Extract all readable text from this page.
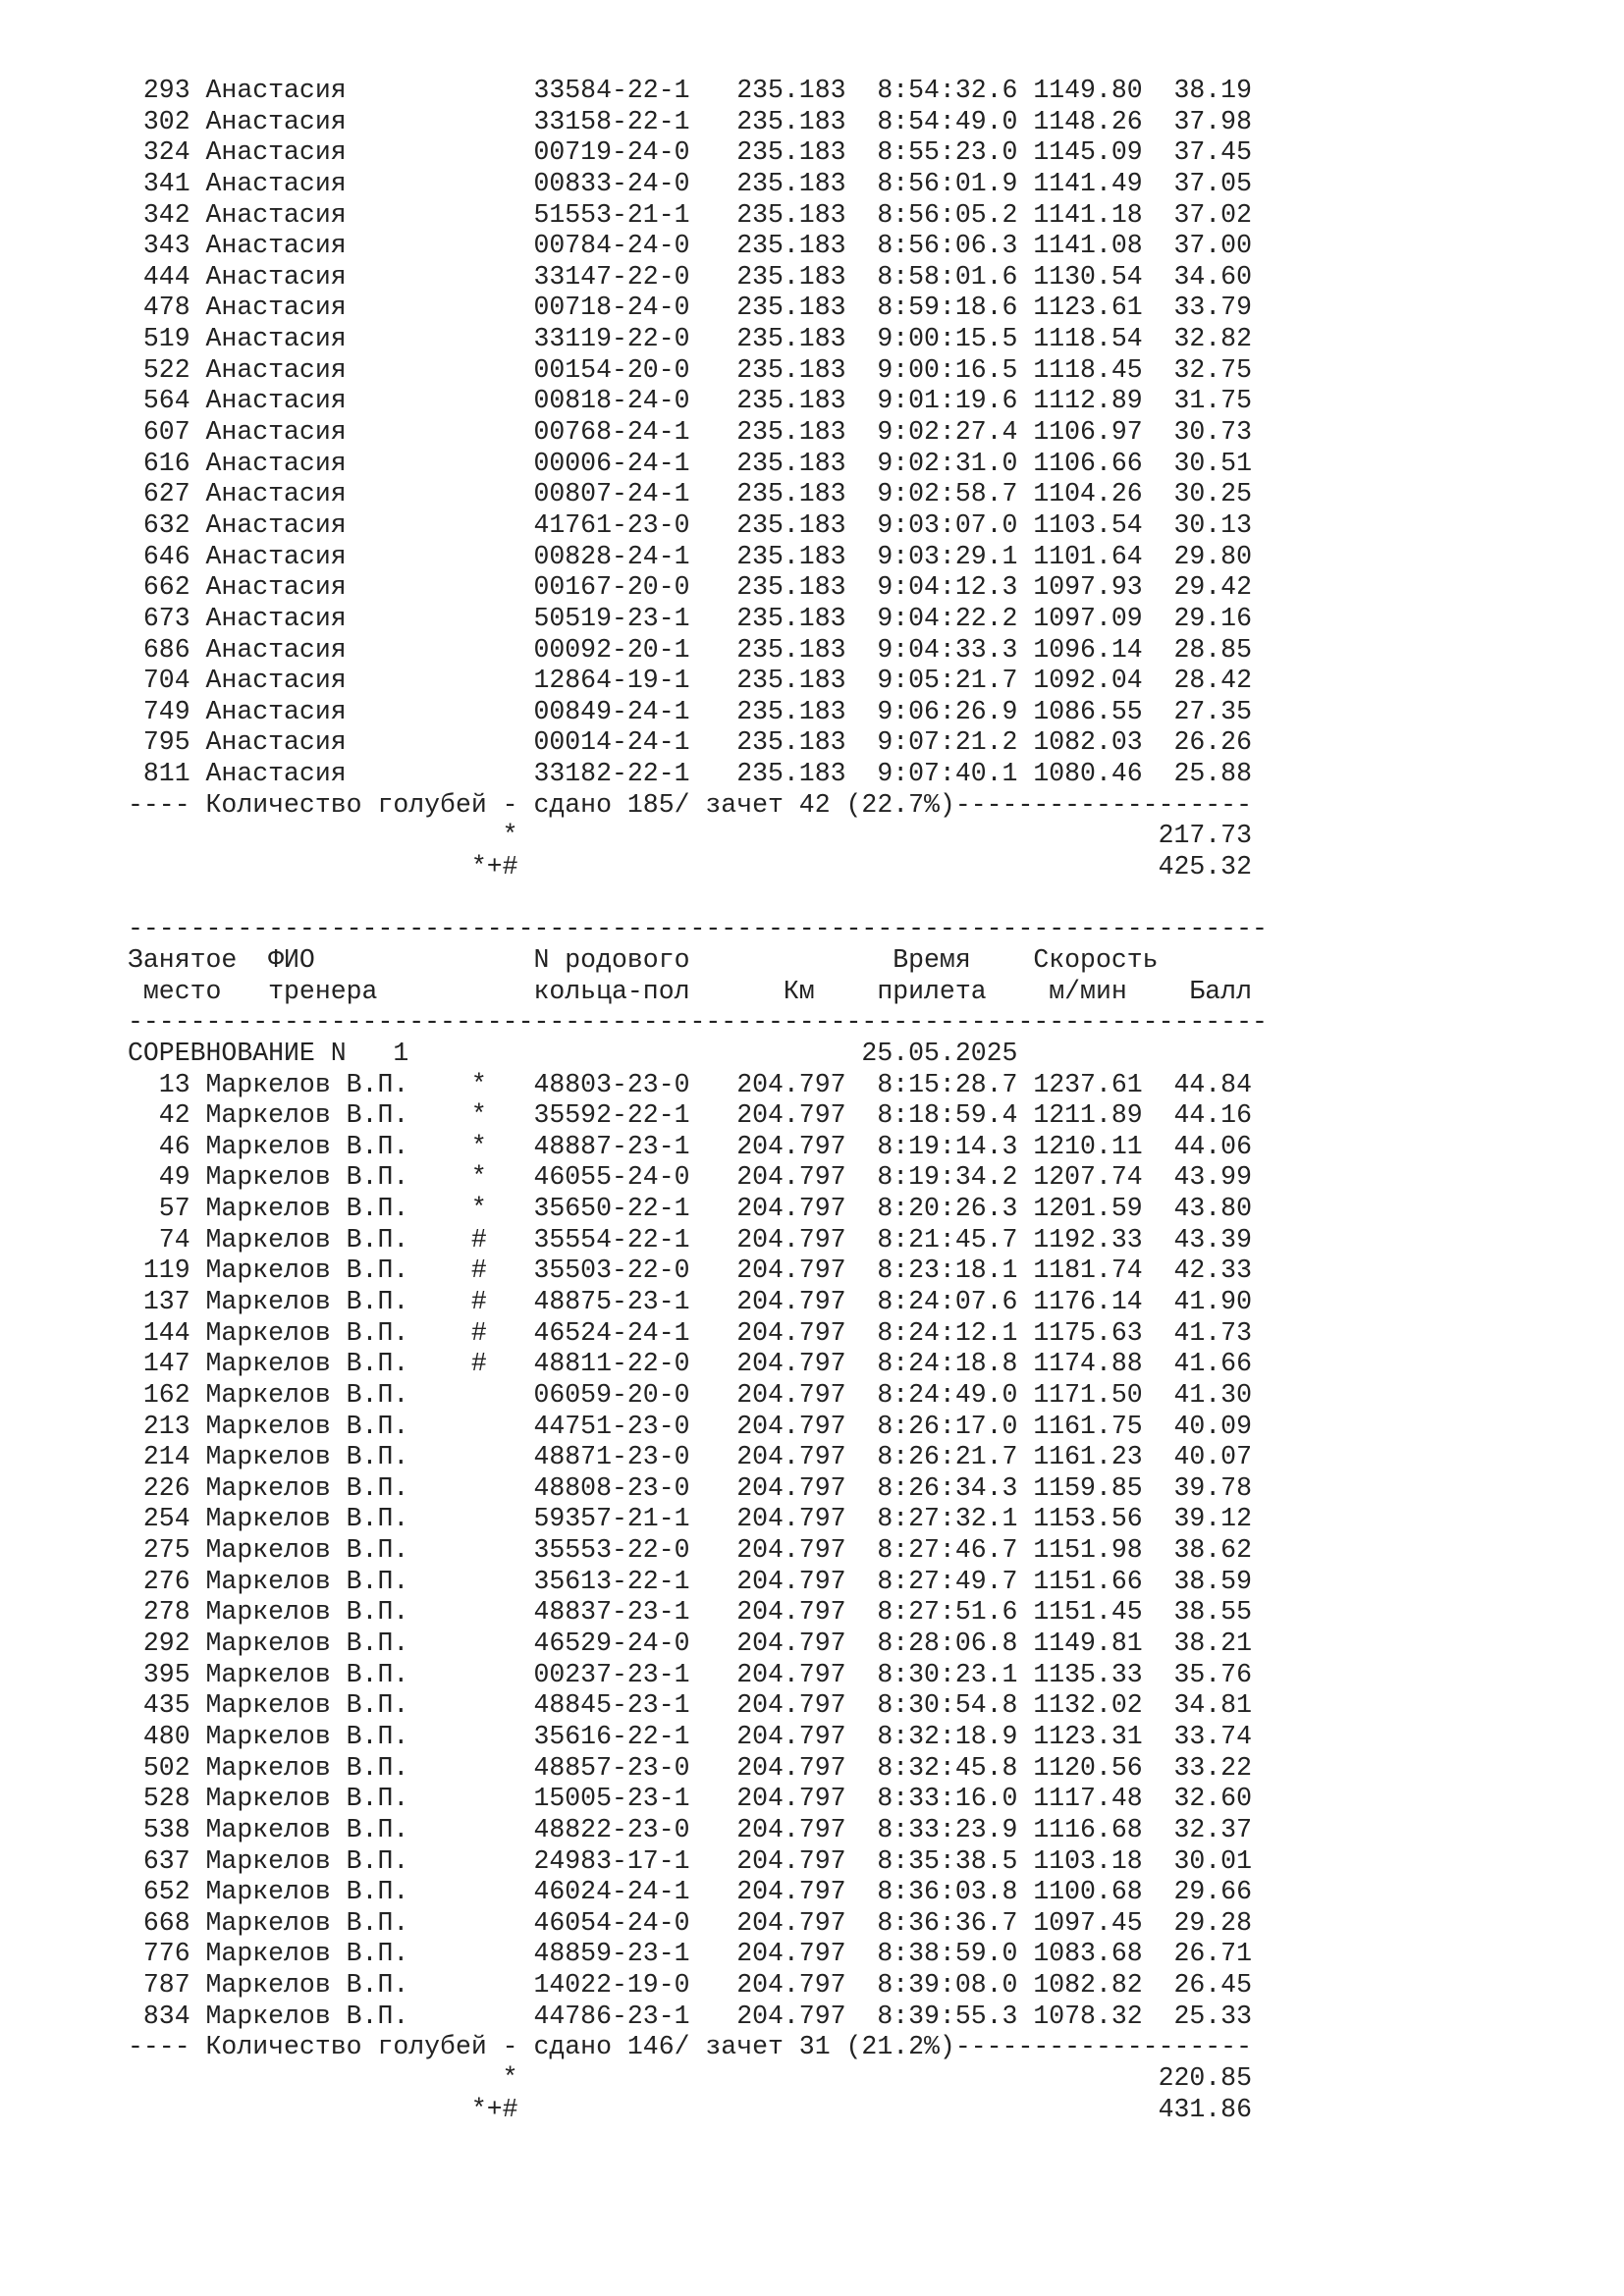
293 Анастасия            33584-22-1   235.183  8:54:32.6 1149.80  38.19
302 Анастасия            33158-22-1   235.183  8:54:49.0 1148.26  37.98
324 Анастасия            00719-24-0   235.183  8:55:23.0 1145.09  37.45
341 Анастасия            00833-24-0   235.183  8:56:01.9 1141.49  37.05
342 Анастасия            51553-21-1   235.183  8:56:05.2 1141.18  37.02
343 Анастасия            00784-24-0   235.183  8:56:06.3 1141.08  37.00
444 Анастасия            33147-22-0   235.183  8:58:01.6 1130.54  34.60
478 Анастасия            00718-24-0   235.183  8:59:18.6 1123.61  33.79
519 Анастасия            33119-22-0   235.183  9:00:15.5 1118.54  32.82
522 Анастасия            00154-20-0   235.183  9:00:16.5 1118.45  32.75
564 Анастасия            00818-24-0   235.183  9:01:19.6 1112.89  31.75
607 Анастасия            00768-24-1   235.183  9:02:27.4 1106.97  30.73
616 Анастасия            00006-24-1   235.183  9:02:31.0 1106.66  30.51
627 Анастасия            00807-24-1   235.183  9:02:58.7 1104.26  30.25
632 Анастасия            41761-23-0   235.183  9:03:07.0 1103.54  30.13
646 Анастасия            00828-24-1   235.183  9:03:29.1 1101.64  29.80
662 Анастасия            00167-20-0   235.183  9:04:12.3 1097.93  29.42
673 Анастасия            50519-23-1   235.183  9:04:22.2 1097.09  29.16
686 Анастасия            00092-20-1   235.183  9:04:33.3 1096.14  28.85
704 Анастасия            12864-19-1   235.183  9:05:21.7 1092.04  28.42
749 Анастасия            00849-24-1   235.183  9:06:26.9 1086.55  27.35
795 Анастасия            00014-24-1   235.183  9:07:21.2 1082.03  26.26
811 Анастасия            33182-22-1   235.183  9:07:40.1 1080.46  25.88
---- Количество голубей - сдано 185/ зачет 42 (22.7%)-------------------
*                                         217.73
*+#                                         425.32
-------------------------------------------------------------------------
Занятое  ФИО              N родового             Время    Скорость
место   тренера          кольца-пол      Км    прилета    м/мин    Балл
-------------------------------------------------------------------------
СОРЕВНОВАНИЕ N   1                             25.05.2025
13 Маркелов В.П.    *   48803-23-0   204.797  8:15:28.7 1237.61  44.84
42 Маркелов В.П.    *   35592-22-1   204.797  8:18:59.4 1211.89  44.16
46 Маркелов В.П.    *   48887-23-1   204.797  8:19:14.3 1210.11  44.06
49 Маркелов В.П.    *   46055-24-0   204.797  8:19:34.2 1207.74  43.99
57 Маркелов В.П.    *   35650-22-1   204.797  8:20:26.3 1201.59  43.80
74 Маркелов В.П.    #   35554-22-1   204.797  8:21:45.7 1192.33  43.39
119 Маркелов В.П.    #   35503-22-0   204.797  8:23:18.1 1181.74  42.33
137 Маркелов В.П.    #   48875-23-1   204.797  8:24:07.6 1176.14  41.90
144 Маркелов В.П.    #   46524-24-1   204.797  8:24:12.1 1175.63  41.73
147 Маркелов В.П.    #   48811-22-0   204.797  8:24:18.8 1174.88  41.66
162 Маркелов В.П.        06059-20-0   204.797  8:24:49.0 1171.50  41.30
213 Маркелов В.П.        44751-23-0   204.797  8:26:17.0 1161.75  40.09
214 Маркелов В.П.        48871-23-0   204.797  8:26:21.7 1161.23  40.07
226 Маркелов В.П.        48808-23-0   204.797  8:26:34.3 1159.85  39.78
254 Маркелов В.П.        59357-21-1   204.797  8:27:32.1 1153.56  39.12
275 Маркелов В.П.        35553-22-0   204.797  8:27:46.7 1151.98  38.62
276 Маркелов В.П.        35613-22-1   204.797  8:27:49.7 1151.66  38.59
278 Маркелов В.П.        48837-23-1   204.797  8:27:51.6 1151.45  38.55
292 Маркелов В.П.        46529-24-0   204.797  8:28:06.8 1149.81  38.21
395 Маркелов В.П.        00237-23-1   204.797  8:30:23.1 1135.33  35.76
435 Маркелов В.П.        48845-23-1   204.797  8:30:54.8 1132.02  34.81
480 Маркелов В.П.        35616-22-1   204.797  8:32:18.9 1123.31  33.74
502 Маркелов В.П.        48857-23-0   204.797  8:32:45.8 1120.56  33.22
528 Маркелов В.П.        15005-23-1   204.797  8:33:16.0 1117.48  32.60
538 Маркелов В.П.        48822-23-0   204.797  8:33:23.9 1116.68  32.37
637 Маркелов В.П.        24983-17-1   204.797  8:35:38.5 1103.18  30.01
652 Маркелов В.П.        46024-24-1   204.797  8:36:03.8 1100.68  29.66
668 Маркелов В.П.        46054-24-0   204.797  8:36:36.7 1097.45  29.28
776 Маркелов В.П.        48859-23-1   204.797  8:38:59.0 1083.68  26.71
787 Маркелов В.П.        14022-19-0   204.797  8:39:08.0 1082.82  26.45
834 Маркелов В.П.        44786-23-1   204.797  8:39:55.3 1078.32  25.33
---- Количество голубей - сдано 146/ зачет 31 (21.2%)-------------------
*                                         220.85
*+#                                         431.86
